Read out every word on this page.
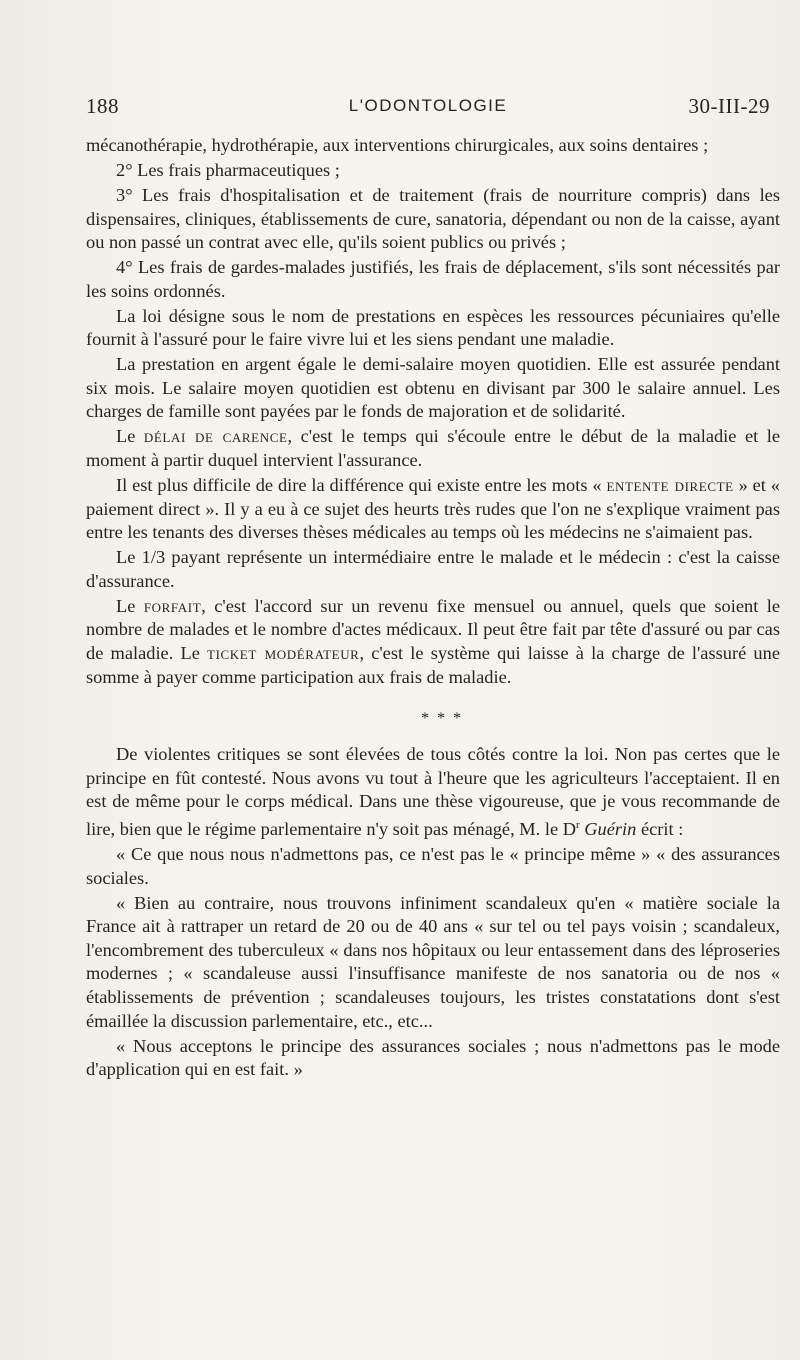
188	L'ODONTOLOGIE	30-III-29

mécanothérapie, hydrothérapie, aux interventions chirurgicales, aux soins dentaires ;

2° Les frais pharmaceutiques ;

3° Les frais d'hospitalisation et de traitement (frais de nourriture compris) dans les dispensaires, cliniques, établissements de cure, sanatoria, dépendant ou non de la caisse, ayant ou non passé un contrat avec elle, qu'ils soient publics ou privés ;

4° Les frais de gardes-malades justifiés, les frais de déplacement, s'ils sont nécessités par les soins ordonnés.

La loi désigne sous le nom de prestations en espèces les ressources pécuniaires qu'elle fournit à l'assuré pour le faire vivre lui et les siens pendant une maladie.

La prestation en argent égale le demi-salaire moyen quotidien. Elle est assurée pendant six mois. Le salaire moyen quotidien est obtenu en divisant par 300 le salaire annuel. Les charges de famille sont payées par le fonds de majoration et de solidarité.

Le délai de carence, c'est le temps qui s'écoule entre le début de la maladie et le moment à partir duquel intervient l'assurance.

Il est plus difficile de dire la différence qui existe entre les mots « entente directe » et « paiement direct ». Il y a eu à ce sujet des heurts très rudes que l'on ne s'explique vraiment pas entre les tenants des diverses thèses médicales au temps où les médecins ne s'aimaient pas.

Le 1/3 payant représente un intermédiaire entre le malade et le médecin : c'est la caisse d'assurance.

Le forfait, c'est l'accord sur un revenu fixe mensuel ou annuel, quels que soient le nombre de malades et le nombre d'actes médicaux. Il peut être fait par tête d'assuré ou par cas de maladie. Le ticket modérateur, c'est le système qui laisse à la charge de l'assuré une somme à payer comme participation aux frais de maladie.

* * *

De violentes critiques se sont élevées de tous côtés contre la loi. Non pas certes que le principe en fût contesté. Nous avons vu tout à l'heure que les agriculteurs l'acceptaient. Il en est de même pour le corps médical. Dans une thèse vigoureuse, que je vous recommande de lire, bien que le régime parlementaire n'y soit pas ménagé, M. le $D^r$ Guérin écrit :

« Ce que nous nous n'admettons pas, ce n'est pas le « principe même » « des assurances sociales.

« Bien au contraire, nous trouvons infiniment scandaleux qu'en « matière sociale la France ait à rattraper un retard de 20 ou de 40 ans « sur tel ou tel pays voisin ; scandaleux, l'encombrement des tuberculeux « dans nos hôpitaux ou leur entassement dans des léproseries modernes ; « scandaleuse aussi l'insuffisance manifeste de nos sanatoria ou de nos « établissements de prévention ; scandaleuses toujours, les tristes constatations dont s'est émaillée la discussion parlementaire, etc., etc...

« Nous acceptons le principe des assurances sociales ; nous n'admettons pas le mode d'application qui en est fait. »
